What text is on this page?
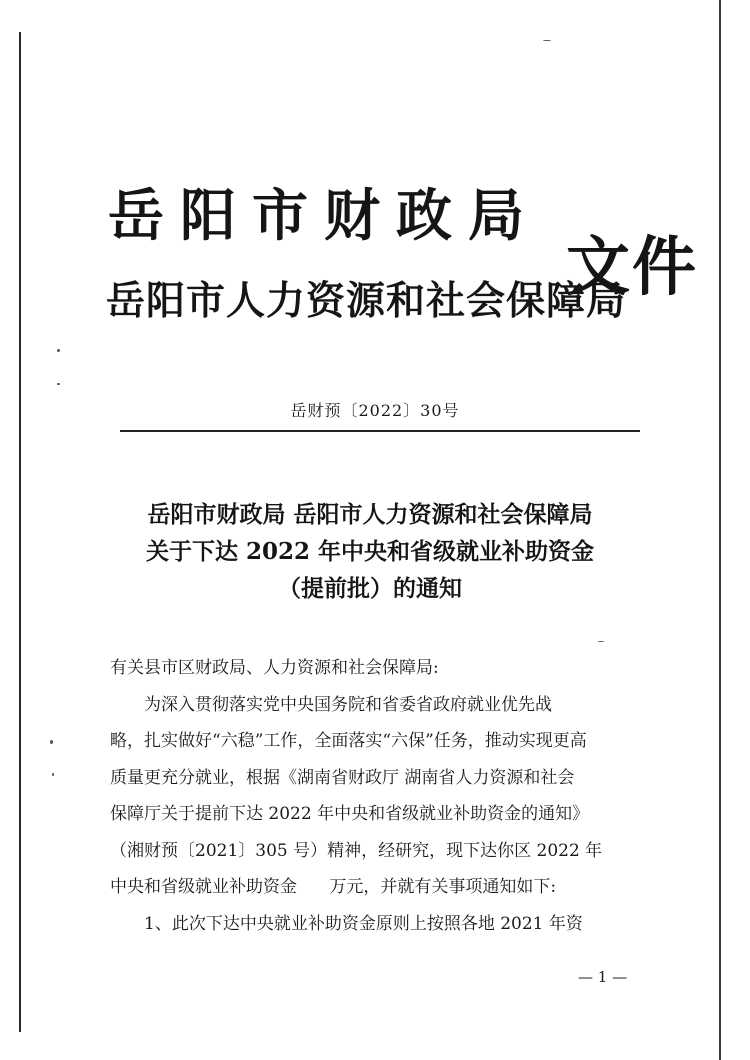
岳阳市财政局
岳阳市人力资源和社会保障局
文件
岳财预〔2022〕30号
岳阳市财政局 岳阳市人力资源和社会保障局
关于下达 2022 年中央和省级就业补助资金
（提前批）的通知

有关县市区财政局、人力资源和社会保障局:

为深入贯彻落实党中央国务院和省委省政府就业优先战

略，扎实做好“六稳”工作，全面落实“六保”任务，推动实现更高

质量更充分就业，根据《湖南省财政厅 湖南省人力资源和社会

保障厅关于提前下达 2022 年中央和省级就业补助资金的通知》

（湘财预〔2021〕305 号）精神，经研究，现下达你区 2022 年

中央和省级就业补助资金      万元，并就有关事项通知如下:

1、此次下达中央就业补助资金原则上按照各地 2021 年资

— 1 —
